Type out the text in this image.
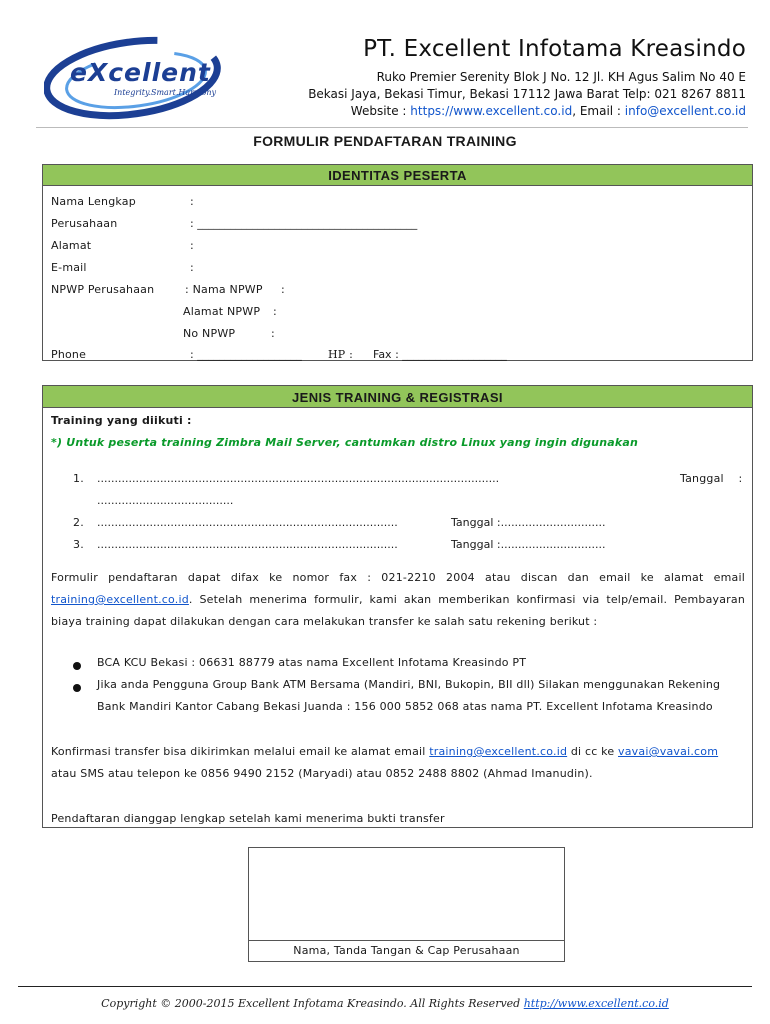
eXcellent
Integrity.Smart.Harmony
PT. Excellent Infotama Kreasindo
Ruko Premier Serenity Blok J No. 12 Jl. KH Agus Salim No 40 E
Bekasi Jaya, Bekasi Timur, Bekasi 17112 Jawa Barat Telp: 021 8267 8811
Website : https://www.excellent.co.id, Email : info@excellent.co.id
FORMULIR PENDAFTARAN TRAINING
IDENTITAS PESERTA
Nama Lengkap	:
Perusahaan	: ________________________________________
Alamat	:
E-mail	:
NPWP Perusahaan	: Nama NPWP :
Alamat NPWP :
No NPWP	:
Phone	: ___________________ HP : Fax : ___________________
JENIS TRAINING & REGISTRASI
Training yang diikuti :
*) Untuk peserta training Zimbra Mail Server, cantumkan distro Linux yang ingin digunakan
1. ...................................................................................................................	Tanggal    :
.......................................
2. ......................................................................................	Tanggal :..............................
3. ......................................................................................	Tanggal :..............................
Formulir pendaftaran dapat difax ke nomor fax : 021-2210 2004 atau discan dan email ke alamat email
training@excellent.co.id. Setelah menerima formulir, kami akan memberikan konfirmasi via telp/email. Pembayaran
biaya training dapat dilakukan dengan cara melakukan transfer ke salah satu rekening berikut :
BCA KCU Bekasi : 06631 88779 atas nama Excellent Infotama Kreasindo PT
Jika anda Pengguna Group Bank ATM Bersama (Mandiri, BNI, Bukopin, BII dll) Silakan menggunakan Rekening
Bank Mandiri Kantor Cabang Bekasi Juanda : 156 000 5852 068 atas nama PT. Excellent Infotama Kreasindo
Konfirmasi transfer bisa dikirimkan melalui email ke alamat email training@excellent.co.id di cc ke vavai@vavai.com
atau SMS atau telepon ke 0856 9490 2152 (Maryadi) atau 0852 2488 8802 (Ahmad Imanudin).
Pendaftaran dianggap lengkap setelah kami menerima bukti transfer
Nama, Tanda Tangan & Cap Perusahaan
Copyright © 2000-2015 Excellent Infotama Kreasindo. All Rights Reserved http://www.excellent.co.id
